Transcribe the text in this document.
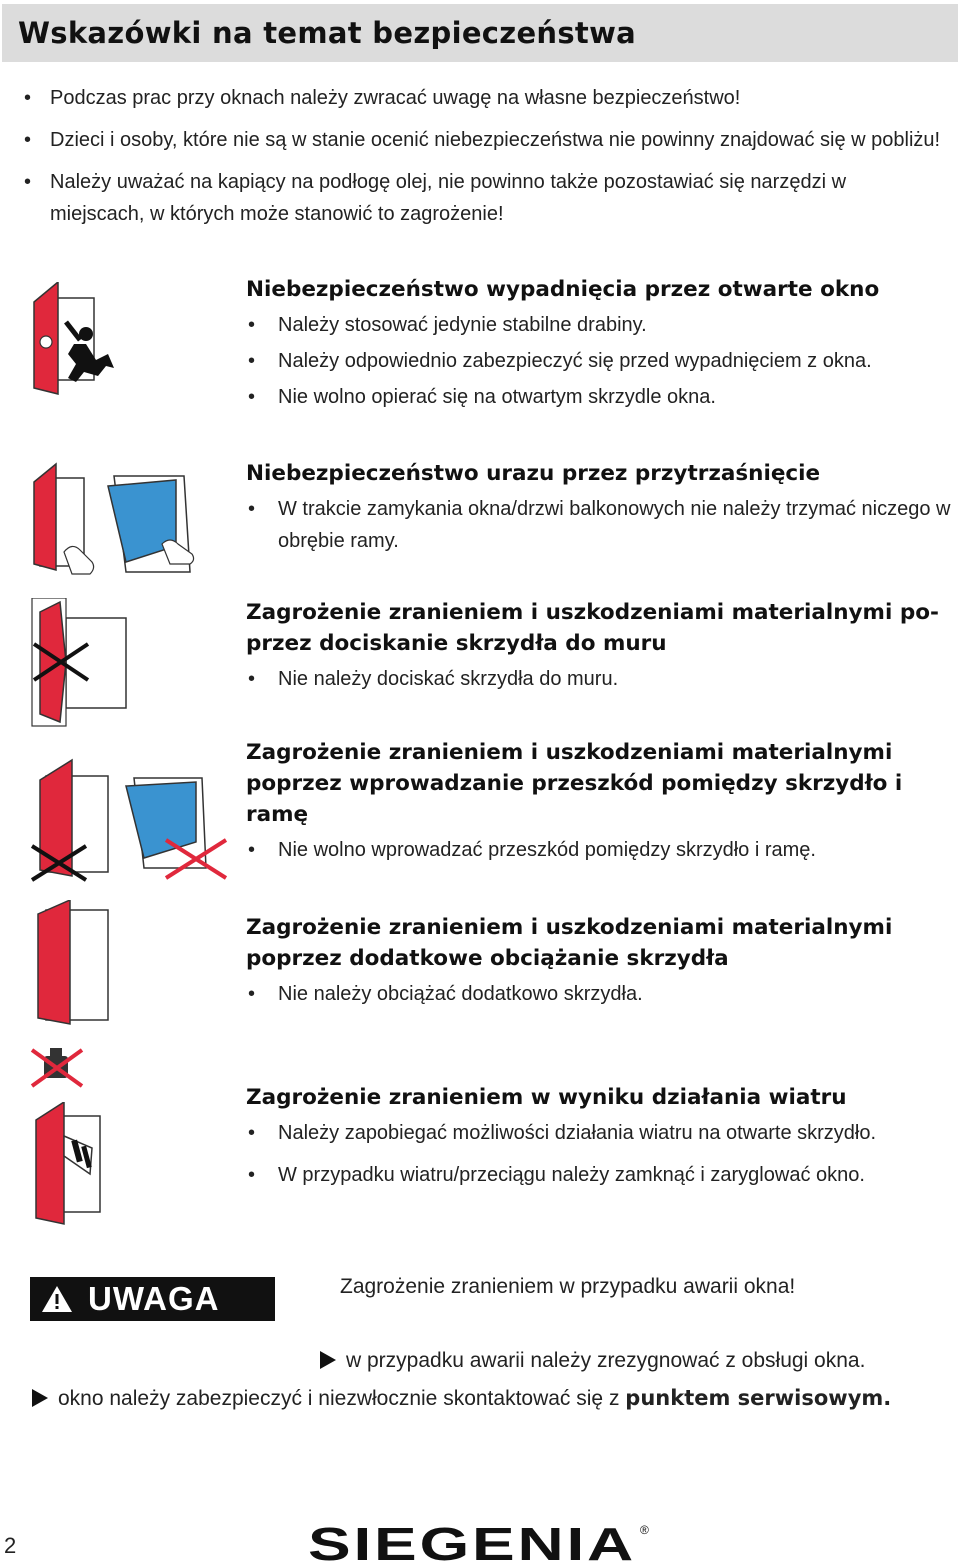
Wskazówki na temat bezpieczeństwa
• Podczas prac przy oknach należy zwracać uwagę na własne bezpieczeństwo!
• Dzieci i osoby, które nie są w stanie ocenić niebezpieczeństwa nie powinny znajdować się w pobliżu!
• Należy uważać na kapiący na podłogę olej, nie powinno także pozostawiać się narzędzi w miejscach, w których może stanowić to zagrożenie!
Niebezpieczeństwo wypadnięcia przez otwarte okno
• Należy stosować jedynie stabilne drabiny.
• Należy odpowiednio zabezpieczyć się przed wypadnięciem z okna.
• Nie wolno opierać się na otwartym skrzydle okna.
Niebezpieczeństwo urazu przez przytrzaśnięcie
• W trakcie zamykania okna/drzwi balkonowych nie należy trzymać niczego w obrębie ramy.
Zagrożenie zranieniem i uszkodzeniami materialnymi po-przez dociskanie skrzydła do muru
• Nie należy dociskać skrzydła do muru.
Zagrożenie zranieniem i uszkodzeniami materialnymi poprzez wprowadzanie przeszkód pomiędzy skrzydło i ramę
• Nie wolno wprowadzać przeszkód pomiędzy skrzydło i ramę.
Zagrożenie zranieniem i uszkodzeniami materialnymi poprzez dodatkowe obciążanie skrzydła
• Nie należy obciążać dodatkowo skrzydła.
Zagrożenie zranieniem w wyniku działania wiatru
• Należy zapobiegać możliwości działania wiatru na otwarte skrzydło.
• W przypadku wiatru/przeciągu należy zamknąć i zaryglować okno.
UWAGA	Zagrożenie zranieniem w przypadku awarii okna!
w przypadku awarii należy zrezygnować z obsługi okna.
okno należy zabezpieczyć i niezwłocznie skontaktować się z punktem serwisowym.
2	SIEGENIA ®
